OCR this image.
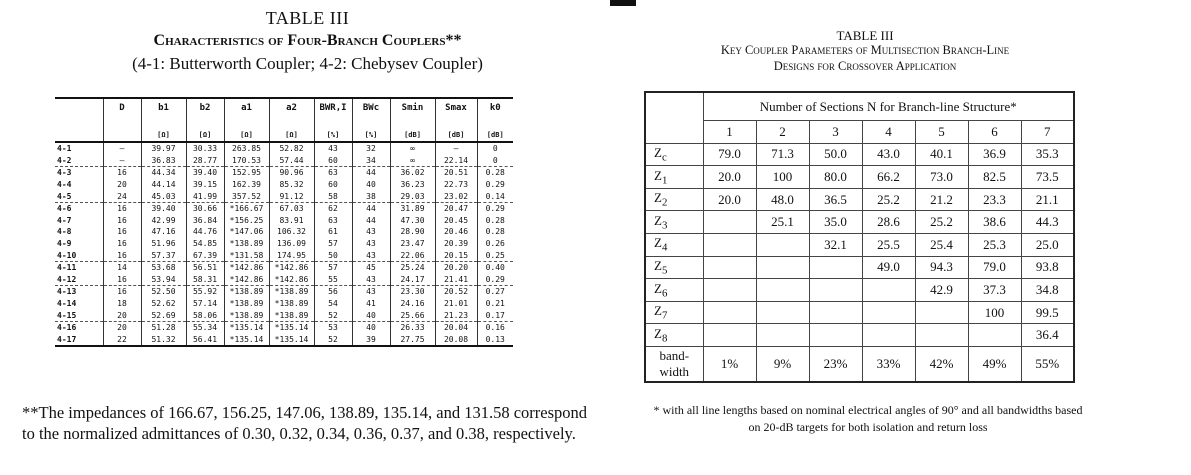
TABLE III
Characteristics of Four-Branch Couplers**
(4-1: Butterworth Coupler; 4-2: Chebysev Coupler)
	D	b1	b2	a1	a2	BWR,I	BWc	Smin	Smax	k0
		[Ω]	[Ω]	[Ω]	[Ω]	[%]	[%]	[dB]	[dB]	[dB]
4-1	—	39.97	30.33	263.85	52.82	43	32	∞	—	0
4-2	—	36.83	28.77	170.53	57.44	60	34	∞	22.14	0
4-3	16	44.34	39.40	152.95	90.96	63	44	36.02	20.51	0.28
4-4	20	44.14	39.15	162.39	85.32	60	40	36.23	22.73	0.29
4-5	24	45.03	41.99	357.52	91.12	58	38	29.03	23.02	0.14
4-6	16	39.40	30.66	*166.67	67.03	62	44	31.89	20.47	0.29
4-7	16	42.99	36.84	*156.25	83.91	63	44	47.30	20.45	0.28
4-8	16	47.16	44.76	*147.06	106.32	61	43	28.90	20.46	0.28
4-9	16	51.96	54.85	*138.89	136.09	57	43	23.47	20.39	0.26
4-10	16	57.37	67.39	*131.58	174.95	50	43	22.06	20.15	0.25
4-11	14	53.68	56.51	*142.86	*142.86	57	45	25.24	20.20	0.40
4-12	16	53.94	58.31	*142.86	*142.86	55	43	24.17	21.41	0.29
4-13	16	52.50	55.92	*138.89	*138.89	56	43	23.30	20.52	0.27
4-14	18	52.62	57.14	*138.89	*138.89	54	41	24.16	21.01	0.21
4-15	20	52.69	58.06	*138.89	*138.89	52	40	25.66	21.23	0.17
4-16	20	51.28	55.34	*135.14	*135.14	53	40	26.33	20.04	0.16
4-17	22	51.32	56.41	*135.14	*135.14	52	39	27.75	20.08	0.13
**The impedances of 166.67, 156.25, 147.06, 138.89, 135.14, and 131.58 correspond to the normalized admittances of 0.30, 0.32, 0.34, 0.36, 0.37, and 0.38, respectively.
TABLE III
Key Coupler Parameters of Multisection Branch-Line
Designs for Crossover Application
	Number of Sections N for Branch-line Structure*						
	1	2	3	4	5	6	7
$Z_c$	79.0	71.3	50.0	43.0	40.1	36.9	35.3
$Z_1$	20.0	100	80.0	66.2	73.0	82.5	73.5
$Z_2$	20.0	48.0	36.5	25.2	21.2	23.3	21.1
$Z_3$		25.1	35.0	28.6	25.2	38.6	44.3
$Z_4$			32.1	25.5	25.4	25.3	25.0
$Z_5$				49.0	94.3	79.0	93.8
$Z_6$					42.9	37.3	34.8
$Z_7$						100	99.5
$Z_8$							36.4

band-
width	1%	9%	23%	33%	42%	49%	55%
* with all line lengths based on nominal electrical angles of 90° and all bandwidths based on 20-dB targets for both isolation and return loss
